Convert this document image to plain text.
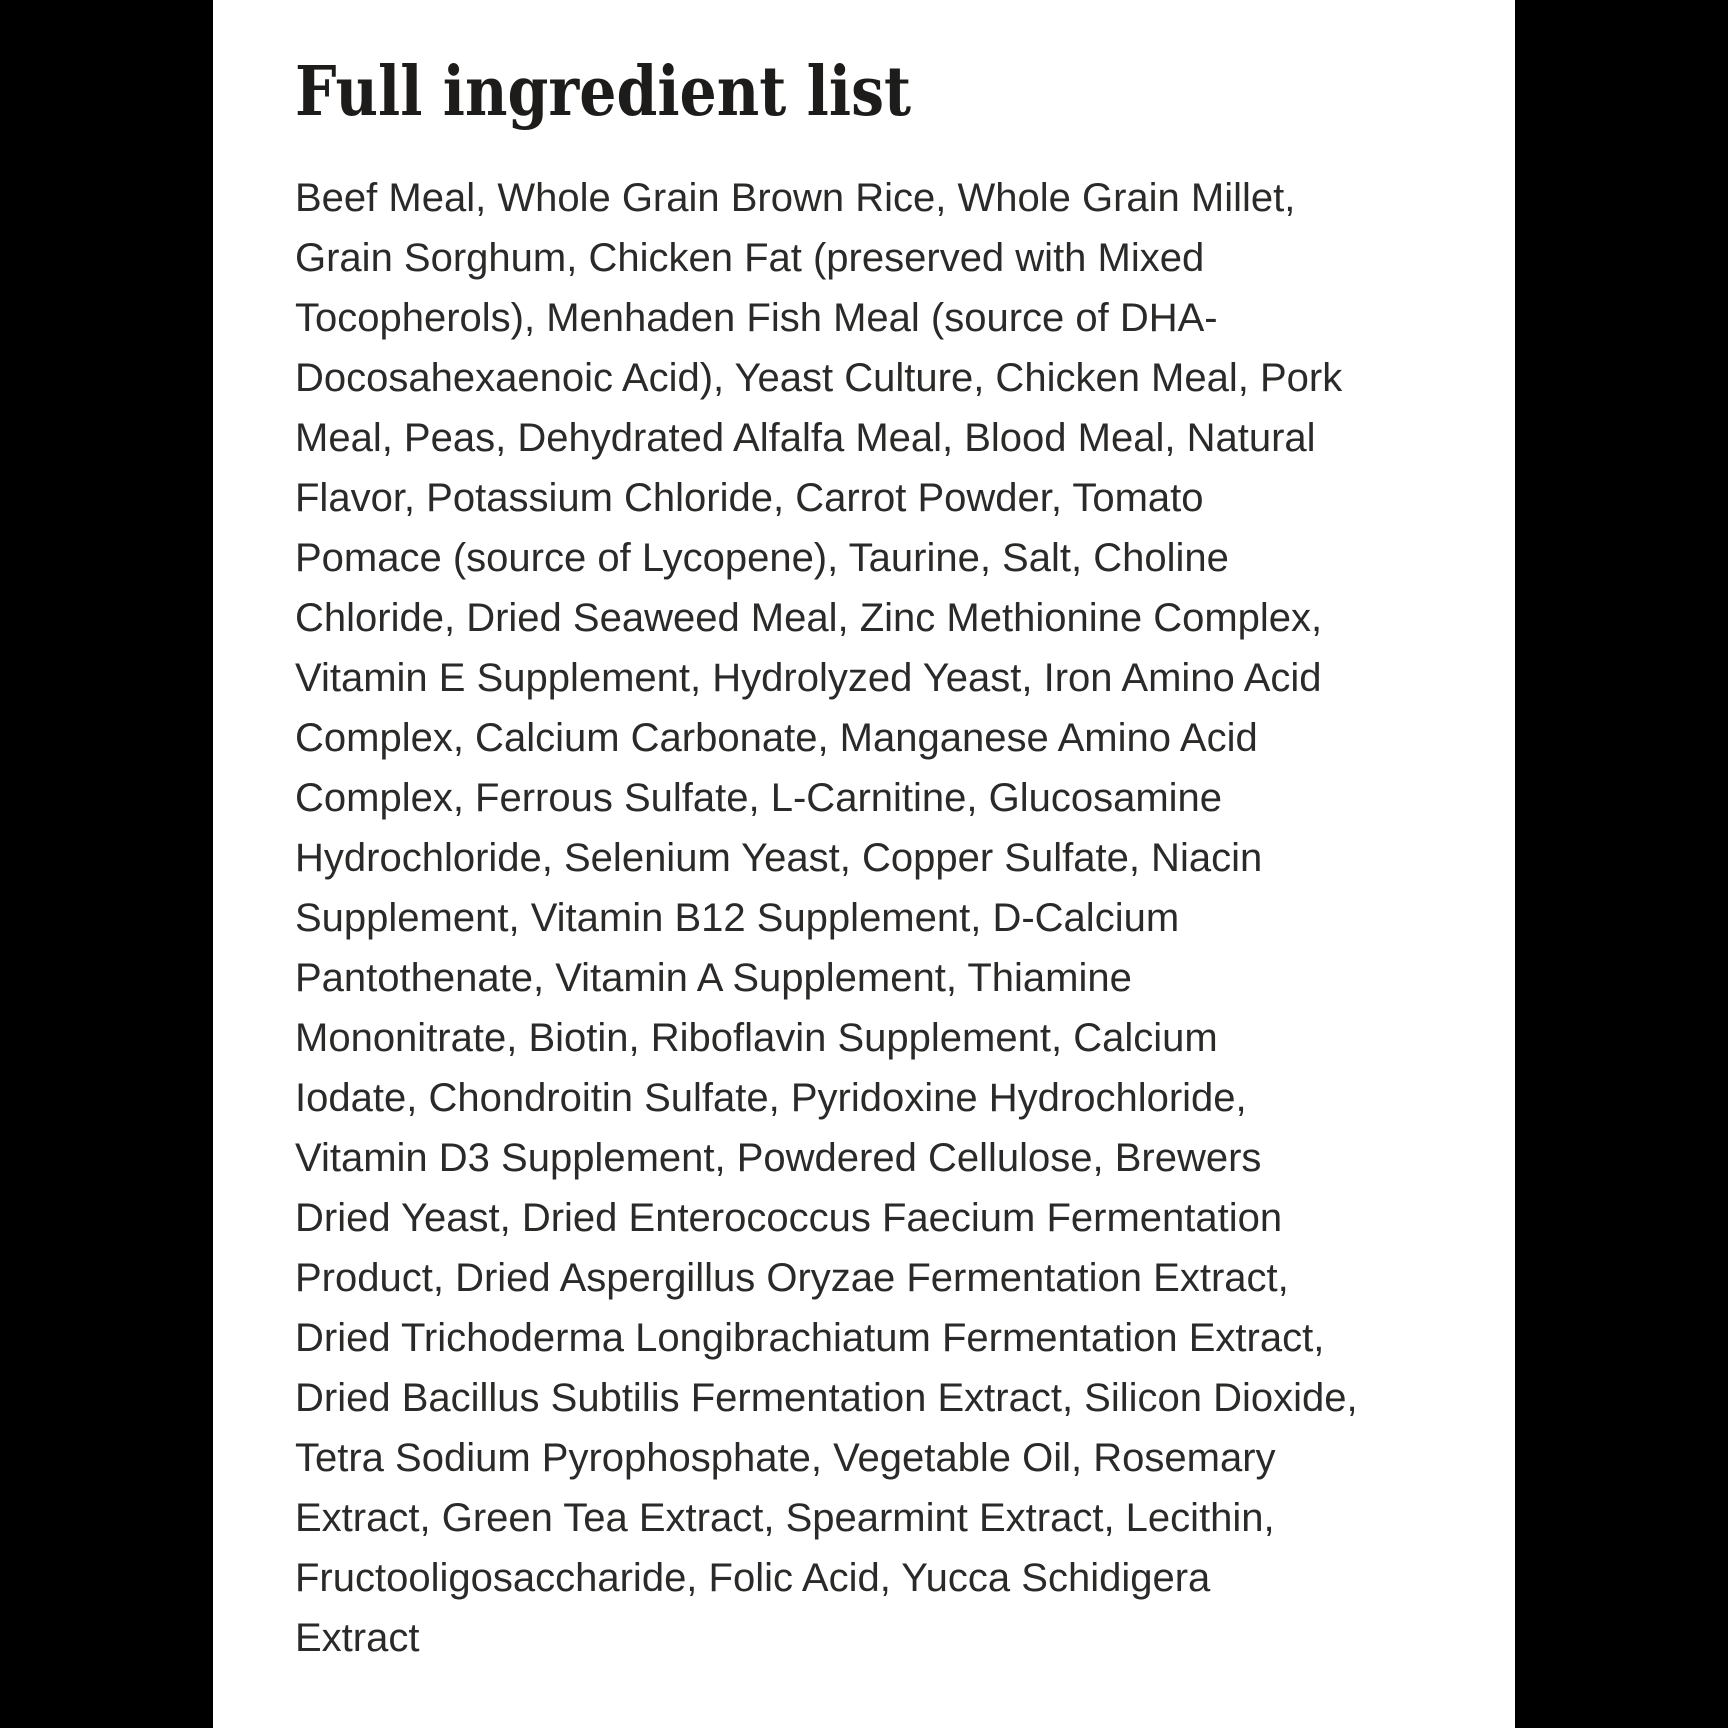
Full ingredient list
Beef Meal, Whole Grain Brown Rice, Whole Grain Millet,
Grain Sorghum, Chicken Fat (preserved with Mixed
Tocopherols), Menhaden Fish Meal (source of DHA-
Docosahexaenoic Acid), Yeast Culture, Chicken Meal, Pork
Meal, Peas, Dehydrated Alfalfa Meal, Blood Meal, Natural
Flavor, Potassium Chloride, Carrot Powder, Tomato
Pomace (source of Lycopene), Taurine, Salt, Choline
Chloride, Dried Seaweed Meal, Zinc Methionine Complex,
Vitamin E Supplement, Hydrolyzed Yeast, Iron Amino Acid
Complex, Calcium Carbonate, Manganese Amino Acid
Complex, Ferrous Sulfate, L-Carnitine, Glucosamine
Hydrochloride, Selenium Yeast, Copper Sulfate, Niacin
Supplement, Vitamin B12 Supplement, D-Calcium
Pantothenate, Vitamin A Supplement, Thiamine
Mononitrate, Biotin, Riboflavin Supplement, Calcium
Iodate, Chondroitin Sulfate, Pyridoxine Hydrochloride,
Vitamin D3 Supplement, Powdered Cellulose, Brewers
Dried Yeast, Dried Enterococcus Faecium Fermentation
Product, Dried Aspergillus Oryzae Fermentation Extract,
Dried Trichoderma Longibrachiatum Fermentation Extract,
Dried Bacillus Subtilis Fermentation Extract, Silicon Dioxide,
Tetra Sodium Pyrophosphate, Vegetable Oil, Rosemary
Extract, Green Tea Extract, Spearmint Extract, Lecithin,
Fructooligosaccharide, Folic Acid, Yucca Schidigera
Extract
